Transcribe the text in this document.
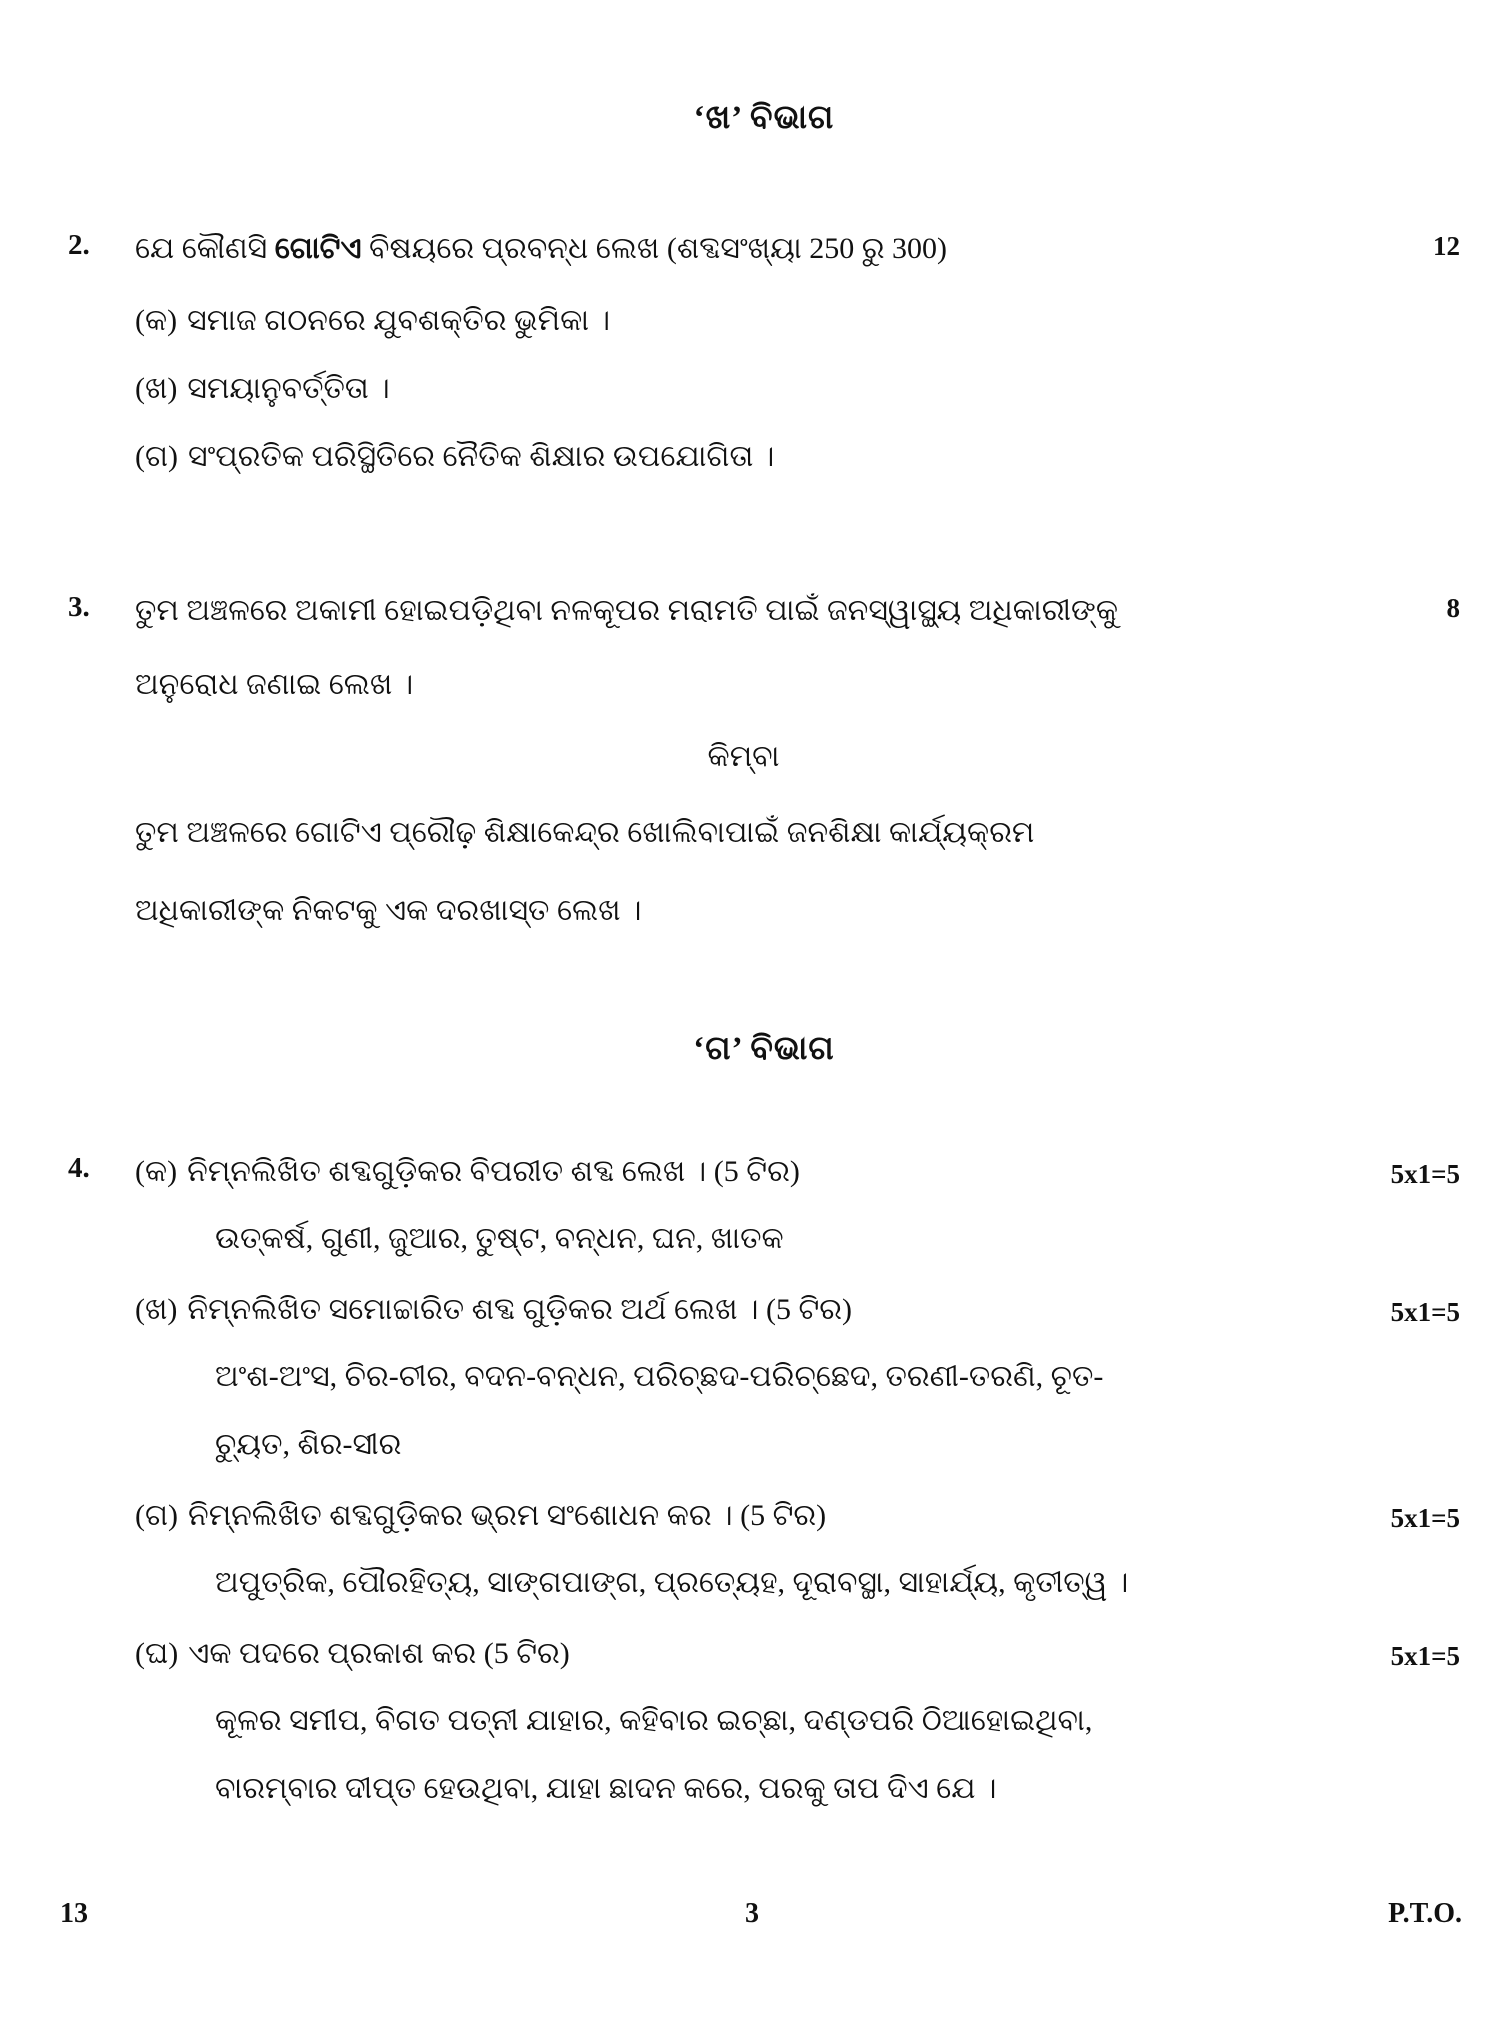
‘ଖ’ ବିଭାଗ
2.	ଯେ କୌଣସି ଗୋଟିଏ ବିଷୟରେ ପ୍ରବନ୍ଧ ଲେଖ (ଶବ୍ଦସଂଖ୍ୟା 250 ରୁ 300)
(କ) ସମାଜ ଗଠନରେ ଯୁବଶକ୍ତିର ଭୁମିକା ।
(ଖ) ସମୟାନୁବର୍ତ୍ତିତା ।
(ଗ) ସଂପ୍ରତିକ ପରିସ୍ଥିତିରେ ନୈତିକ ଶିକ୍ଷାର ଉପଯୋଗିତା ।
12
3.	ତୁମ ଅଞ୍ଚଳରେ ଅକାମୀ ହୋଇପଡ଼ିଥିବା ନଳକୂପର ମରାମତି ପାଇଁ ଜନସ୍ୱାସ୍ଥ୍ୟ ଅଧିକାରୀଙ୍କୁ
ଅନୁରୋଧ ଜଣାଇ ଲେଖ ।
କିମ୍ବା
ତୁମ ଅଞ୍ଚଳରେ ଗୋଟିଏ ପ୍ରୌଢ଼ ଶିକ୍ଷାକେନ୍ଦ୍ର ଖୋଲିବାପାଇଁ ଜନଶିକ୍ଷା କାର୍ଯ୍ୟକ୍ରମ
ଅଧିକାରୀଙ୍କ ନିକଟକୁ ଏକ ଦରଖାସ୍ତ ଲେଖ ।
8
‘ଗ’ ବିଭାଗ
4.	(କ) ନିମ୍ନଲିଖିତ ଶବ୍ଦଗୁଡ଼ିକର ବିପରୀତ ଶବ୍ଦ ଲେଖ । (5 ଟିର)	5x1=5
ଉତ୍କର୍ଷ, ଗୁଣୀ, ଜୁଆର, ତୁଷ୍ଟ, ବନ୍ଧନ, ଘନ, ଖାତକ
(ଖ) ନିମ୍ନଲିଖିତ ସମୋଚ୍ଚାରିତ ଶବ୍ଦ ଗୁଡ଼ିକର ଅର୍ଥ ଲେଖ । (5 ଟିର)	5x1=5
ଅଂଶ-ଅଂସ, ଚିର-ଚୀର, ବଦନ-ବନ୍ଧନ, ପରିଚ୍ଛଦ-ପରିଚ୍ଛେଦ, ତରଣୀ-ତରଣି, ଚୂତ-
ଚ୍ୟୁତ, ଶିର-ସୀର
(ଗ) ନିମ୍ନଲିଖିତ ଶବ୍ଦଗୁଡ଼ିକର ଭ୍ରମ ସଂଶୋଧନ କର । (5 ଟିର)	5x1=5
ଅପୁତ୍ରିକ, ପୌରହିତ୍ୟ, ସାଙ୍ଗପାଙ୍ଗ, ପ୍ରତ୍ୟେହ, ଦୂରାବସ୍ଥା, ସାହାର୍ଯ୍ୟ, କୃତୀତ୍ୱ ।
(ଘ) ଏକ ପଦରେ ପ୍ରକାଶ କର (5 ଟିର)	5x1=5
କୂଳର ସମୀପ, ବିଗତ ପତ୍ନୀ ଯାହାର, କହିବାର ଇଚ୍ଛା, ଦଣ୍ଡପରି ଠିଆହୋଇଥିବା,
ବାରମ୍ବାର ଦୀପ୍ତ ହେଉଥିବା, ଯାହା ଛାଦନ କରେ, ପରକୁ ତାପ ଦିଏ ଯେ ।
13	3	P.T.O.
